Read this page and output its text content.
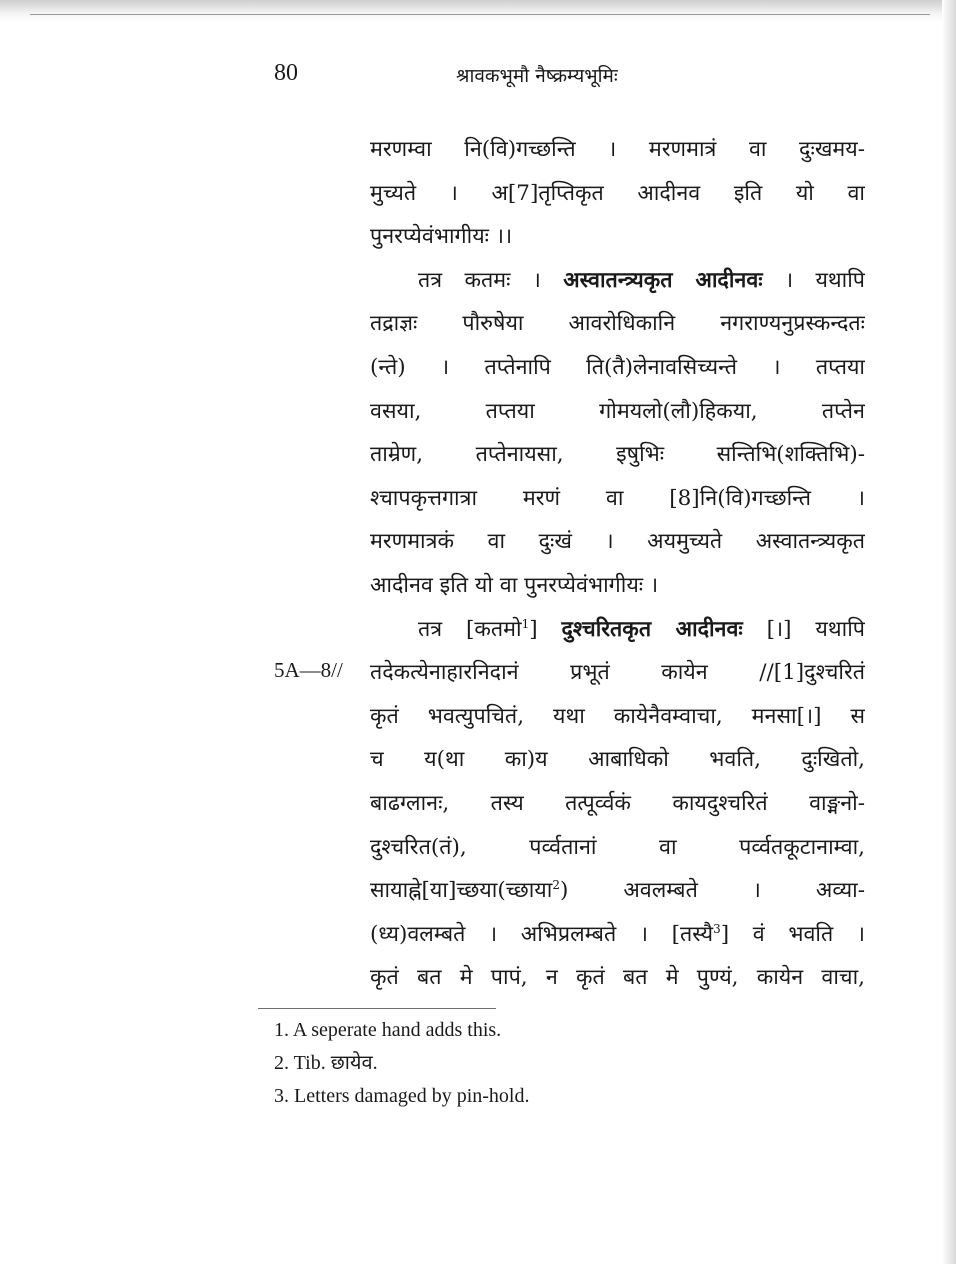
80	श्रावकभूमौ नैष्क्रम्यभूमिः
5A—8//
मरणम्वा नि(वि)गच्छन्ति । मरणमात्रं वा दुःखमय-
मुच्यते । अ[7]तृप्तिकृत आदीनव इति यो वा
पुनरप्येवंभागीयः ।।
तत्र कतमः । अस्वातन्त्र्यकृत आदीनवः । यथापि
तद्राज्ञः पौरुषेया आवरोधिकानि नगराण्यनुप्रस्कन्दतः
(न्ते) । तप्तेनापि ति(तै)लेनावसिच्यन्ते । तप्तया
वसया, तप्तया गोमयलो(लौ)हिकया, तप्तेन
ताम्रेण, तप्तेनायसा, इषुभिः सन्तिभि(शक्तिभि)-
श्चापकृत्तगात्रा मरणं वा [8]नि(वि)गच्छन्ति ।
मरणमात्रकं वा दुःखं । अयमुच्यते अस्वातन्त्र्यकृत
आदीनव इति यो वा पुनरप्येवंभागीयः ।
तत्र [कतमो$^1$] दुश्चरितकृत आदीनवः [।] यथापि
तदेकत्येनाहारनिदानं प्रभूतं कायेन //[1]दुश्चरितं
कृतं भवत्युपचितं, यथा कायेनैवम्वाचा, मनसा[।] स
च य(था का)य आबाधिको भवति, दुःखितो,
बाढग्लानः, तस्य तत्पूर्व्वकं कायदुश्चरितं वाङ्मनो-
दुश्चरित(तं), पर्व्वतानां वा पर्व्वतकूटानाम्वा,
सायाह्ने[या]च्छया(च्छाया$^2$) अवलम्बते । अव्या-
(ध्य)वलम्बते । अभिप्रलम्बते । [तस्यै$^3$] वं भवति ।
कृतं बत मे पापं, न कृतं बत मे पुण्यं, कायेन वाचा,
1. A seperate hand adds this.
2. Tib. छायेव.
3. Letters damaged by pin-hold.
